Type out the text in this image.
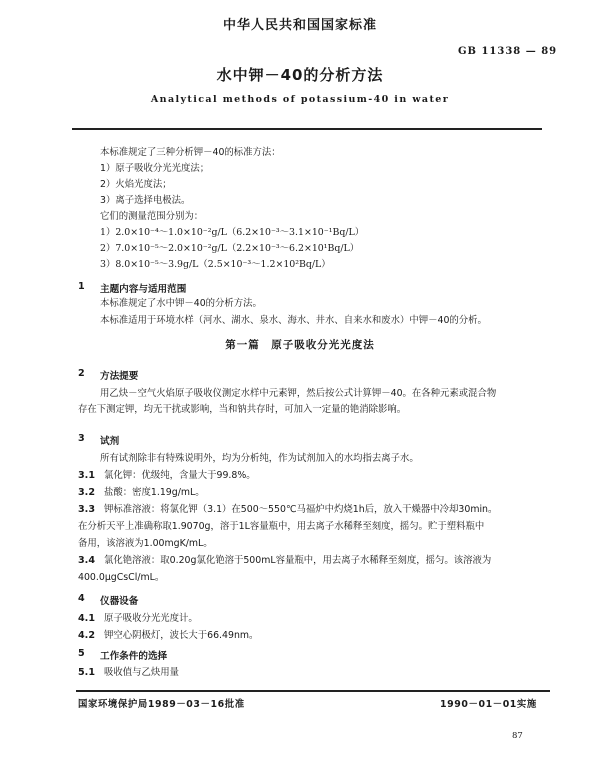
中华人民共和国国家标准
GB 11338 — 89
水中钾－40的分析方法
Analytical methods of potassium-40 in water
本标准规定了三种分析钾－40的标准方法：
1）原子吸收分光光度法；
2）火焰光度法；
3）离子选择电极法。
它们的测量范围分别为：
1）2.0×10⁻⁴～1.0×10⁻²g/L（6.2×10⁻³～3.1×10⁻¹Bq/L）
2）7.0×10⁻⁵～2.0×10⁻²g/L（2.2×10⁻³～6.2×10¹Bq/L）
3）8.0×10⁻⁵～3.9g/L（2.5×10⁻³～1.2×10²Bq/L）
1 主题内容与适用范围
本标准规定了水中钾－40的分析方法。
本标准适用于环境水样（河水、湖水、泉水、海水、井水、自来水和废水）中钾－40的分析。
第一篇　原子吸收分光光度法
2 方法提要
用乙炔－空气火焰原子吸收仪测定水样中元素钾，然后按公式计算钾－40。在各种元素或混合物
存在下测定钾，均无干扰或影响，当和钠共存时，可加入一定量的铯消除影响。
3 试剂
所有试剂除非有特殊说明外，均为分析纯，作为试剂加入的水均指去离子水。
3.1 氯化钾：优级纯，含量大于99.8%。
3.2 盐酸：密度1.19g/mL。
3.3 钾标准溶液：将氯化钾（3.1）在500～550℃马福炉中灼烧1h后，放入干燥器中冷却30min。
在分析天平上准确称取1.9070g，溶于1L容量瓶中，用去离子水稀释至刻度，摇匀。贮于塑料瓶中
备用，该溶液为1.00mgK/mL。
3.4 氯化铯溶液：取0.20g氯化铯溶于500mL容量瓶中，用去离子水稀释至刻度，摇匀。该溶液为
400.0μgCsCl/mL。
4 仪器设备
4.1 原子吸收分光光度计。
4.2 钾空心阴极灯，波长大于66.49nm。
5 工作条件的选择
5.1 吸收值与乙炔用量
国家环境保护局1989－03－16批准	1990－01－01实施
87
